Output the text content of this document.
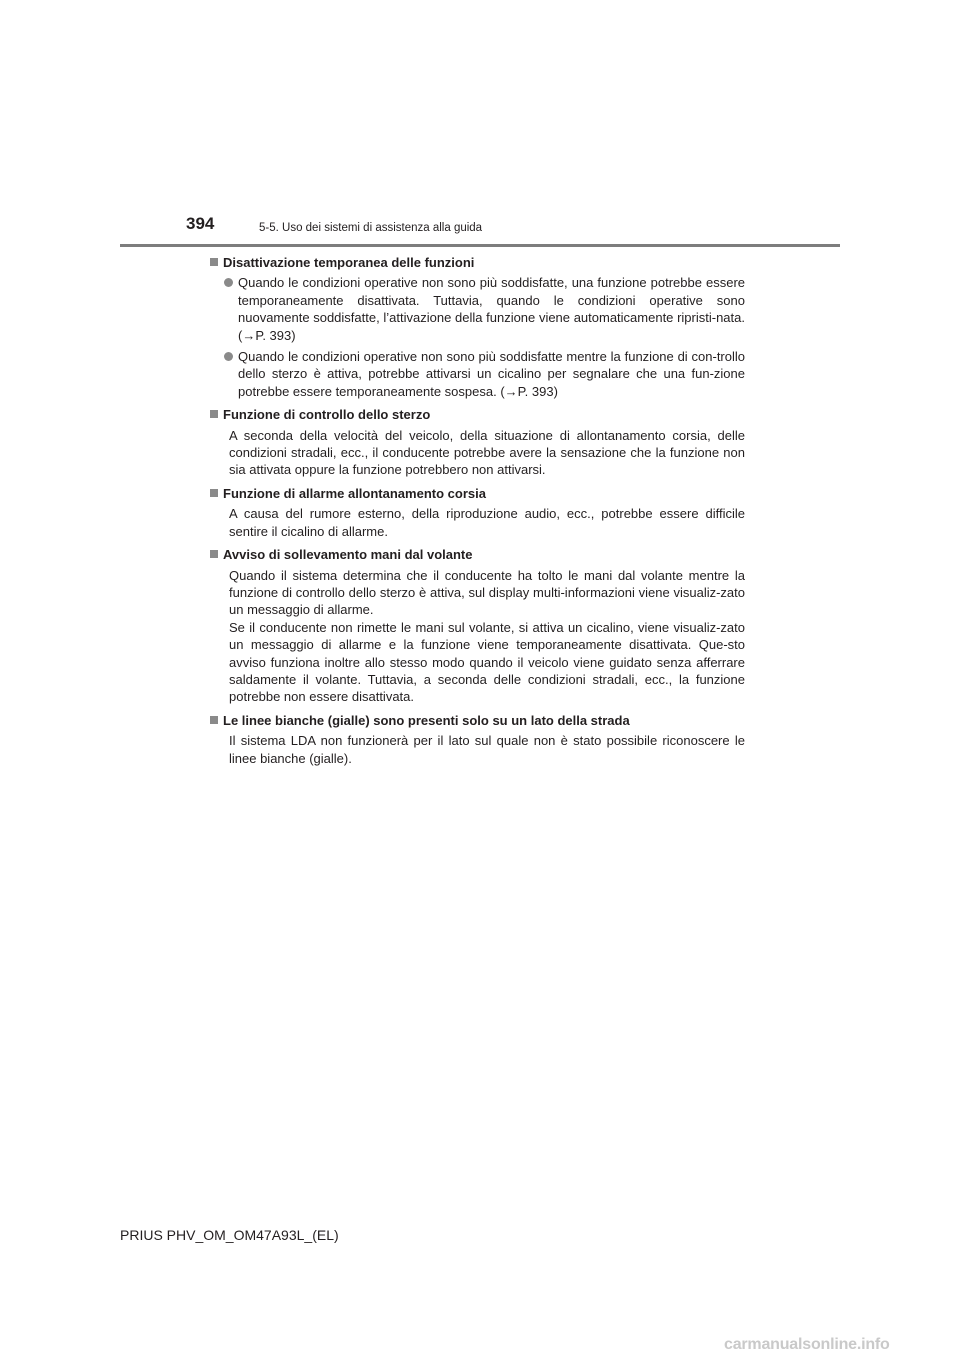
394	5-5. Uso dei sistemi di assistenza alla guida

Disattivazione temporanea delle funzioni

Quando le condizioni operative non sono più soddisfatte, una funzione potrebbe essere temporaneamente disattivata. Tuttavia, quando le condizioni operative sono nuovamente soddisfatte, l’attivazione della funzione viene automaticamente ripristi-nata. (→P. 393)

Quando le condizioni operative non sono più soddisfatte mentre la funzione di con-trollo dello sterzo è attiva, potrebbe attivarsi un cicalino per segnalare che una fun-zione potrebbe essere temporaneamente sospesa. (→P. 393)

Funzione di controllo dello sterzo

A seconda della velocità del veicolo, della situazione di allontanamento corsia, delle condizioni stradali, ecc., il conducente potrebbe avere la sensazione che la funzione non sia attivata oppure la funzione potrebbero non attivarsi.

Funzione di allarme allontanamento corsia

A causa del rumore esterno, della riproduzione audio, ecc., potrebbe essere difficile sentire il cicalino di allarme.

Avviso di sollevamento mani dal volante

Quando il sistema determina che il conducente ha tolto le mani dal volante mentre la funzione di controllo dello sterzo è attiva, sul display multi-informazioni viene visualiz-zato un messaggio di allarme.

Se il conducente non rimette le mani sul volante, si attiva un cicalino, viene visualiz-zato un messaggio di allarme e la funzione viene temporaneamente disattivata. Que-sto avviso funziona inoltre allo stesso modo quando il veicolo viene guidato senza afferrare saldamente il volante. Tuttavia, a seconda delle condizioni stradali, ecc., la funzione potrebbe non essere disattivata.

Le linee bianche (gialle) sono presenti solo su un lato della strada

Il sistema LDA non funzionerà per il lato sul quale non è stato possibile riconoscere le linee bianche (gialle).

PRIUS PHV_OM_OM47A93L_(EL)
carmanualsonline.info
